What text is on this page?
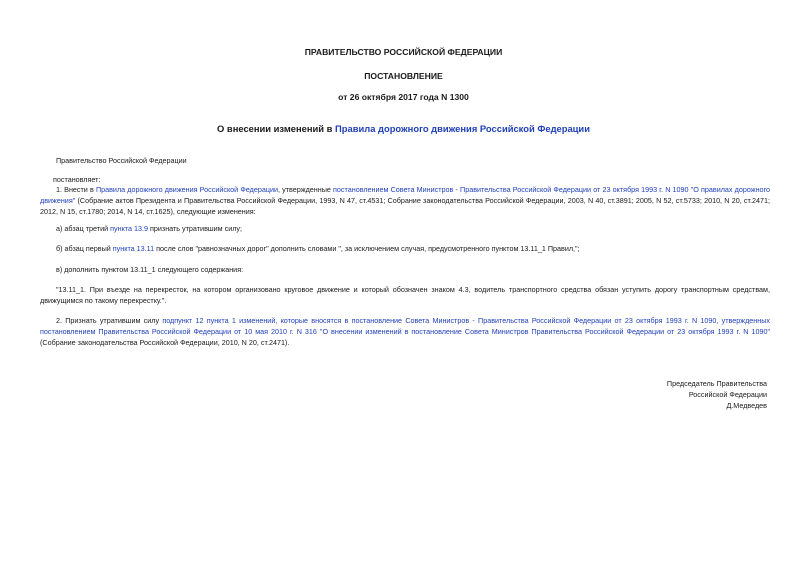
ПРАВИТЕЛЬСТВО РОССИЙСКОЙ ФЕДЕРАЦИИ
ПОСТАНОВЛЕНИЕ
от 26 октября 2017 года N 1300
О внесении изменений в Правила дорожного движения Российской Федерации
Правительство Российской Федерации
постановляет:
1. Внести в Правила дорожного движения Российской Федерации, утвержденные постановлением Совета Министров - Правительства Российской Федерации от 23 октября 1993 г. N 1090 "О правилах дорожного движения" (Собрание актов Президента и Правительства Российской Федерации, 1993, N 47, ст.4531; Собрание законодательства Российской Федерации, 2003, N 40, ст.3891; 2005, N 52, ст.5733; 2010, N 20, ст.2471; 2012, N 15, ст.1780; 2014, N 14, ст.1625), следующие изменения:
а) абзац третий пункта 13.9 признать утратившим силу;
б) абзац первый пункта 13.11 после слов "равнозначных дорог" дополнить словами ", за исключением случая, предусмотренного пунктом 13.11_1 Правил,";
в) дополнить пунктом 13.11_1 следующего содержания:
"13.11_1. При въезде на перекресток, на котором организовано круговое движение и который обозначен знаком 4.3, водитель транспортного средства обязан уступить дорогу транспортным средствам, движущимся по такому перекрестку.".
2. Признать утратившим силу подпункт 12 пункта 1 изменений, которые вносятся в постановление Совета Министров - Правительства Российской Федерации от 23 октября 1993 г. N 1090, утвержденных постановлением Правительства Российской Федерации от 10 мая 2010 г. N 316 "О внесении изменений в постановление Совета Министров Правительства Российской Федерации от 23 октября 1993 г. N 1090" (Собрание законодательства Российской Федерации, 2010, N 20, ст.2471).
Председатель Правительства
Российской Федерации
Д.Медведев
